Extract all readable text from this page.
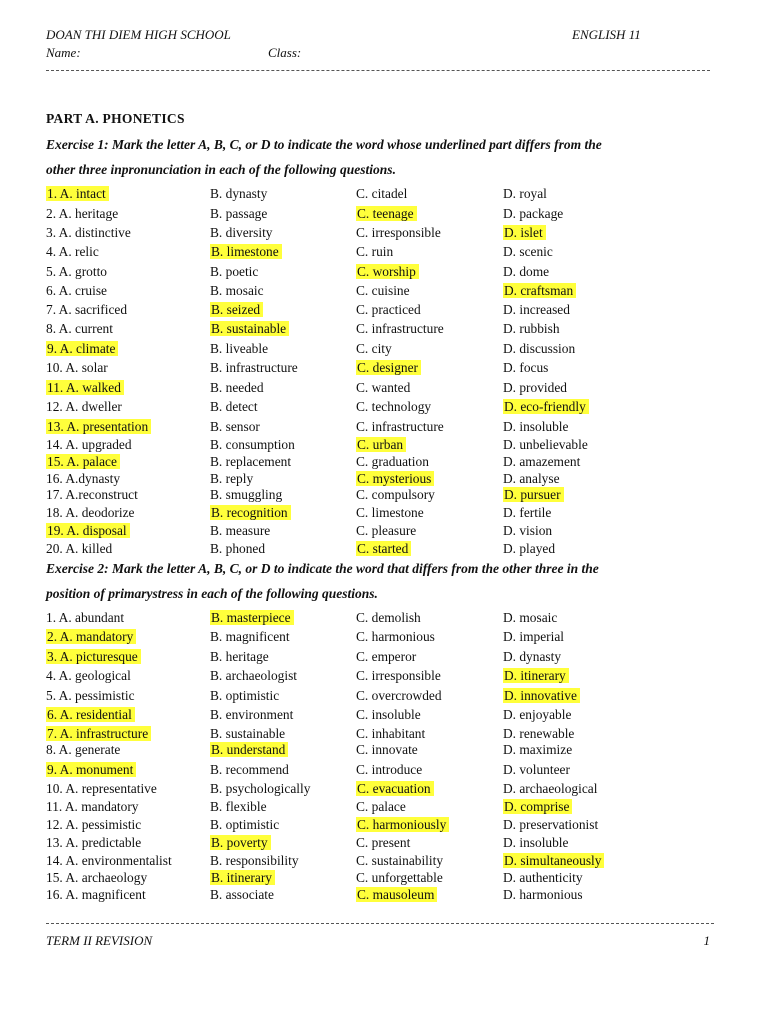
DOAN THI DIEM HIGH SCHOOL	ENGLISH 11
Name:	Class:
PART A. PHONETICS
Exercise 1: Mark the letter A, B, C, or D to indicate the word whose underlined part differs from the
other three inpronunciation in each of the following questions.
1. A. intact	B. dynasty	C. citadel	D. royal
2. A. heritage	B. passage	C. teenage	D. package
3. A. distinctive	B. diversity	C. irresponsible	D. islet
4. A. relic	B. limestone	C. ruin	D. scenic
5. A. grotto	B. poetic	C. worship	D. dome
6. A. cruise	B. mosaic	C. cuisine	D. craftsman
7. A. sacrificed	B. seized	C. practiced	D. increased
8. A. current	B. sustainable	C. infrastructure	D. rubbish
9. A. climate	B. liveable	C. city	D. discussion
10. A. solar	B. infrastructure	C. designer	D. focus
11. A. walked	B. needed	C. wanted	D. provided
12. A. dweller	B. detect	C. technology	D. eco-friendly
13. A. presentation	B. sensor	C. infrastructure	D. insoluble
14. A. upgraded	B. consumption	C. urban	D. unbelievable
15. A. palace	B. replacement	C. graduation	D. amazement
16. A.dynasty	B. reply	C. mysterious	D. analyse
17. A.reconstruct	B. smuggling	C. compulsory	D. pursuer
18. A. deodorize	B. recognition	C. limestone	D. fertile
19. A. disposal	B. measure	C. pleasure	D. vision
20. A. killed	B. phoned	C. started	D. played
Exercise 2: Mark the letter A, B, C, or D to indicate the word that differs from the other three in the
position of primarystress in each of the following questions.
1. A. abundant	B. masterpiece	C. demolish	D. mosaic
2. A. mandatory	B. magnificent	C. harmonious	D. imperial
3. A. picturesque	B. heritage	C. emperor	D. dynasty
4. A. geological	B. archaeologist	C. irresponsible	D. itinerary
5. A. pessimistic	B. optimistic	C. overcrowded	D. innovative
6. A. residential	B. environment	C. insoluble	D. enjoyable
7. A. infrastructure	B. sustainable	C. inhabitant	D. renewable
8. A. generate	B. understand	C. innovate	D. maximize
9. A. monument	B. recommend	C. introduce	D. volunteer
10. A. representative	B. psychologically	C. evacuation	D. archaeological
11. A. mandatory	B. flexible	C. palace	D. comprise
12. A. pessimistic	B. optimistic	C. harmoniously	D. preservationist
13. A. predictable	B. poverty	C. present	D. insoluble
14. A. environmentalist	B. responsibility	C. sustainability	D. simultaneously
15. A. archaeology	B. itinerary	C. unforgettable	D. authenticity
16. A. magnificent	B. associate	C. mausoleum	D. harmonious
TERM II REVISION	1
